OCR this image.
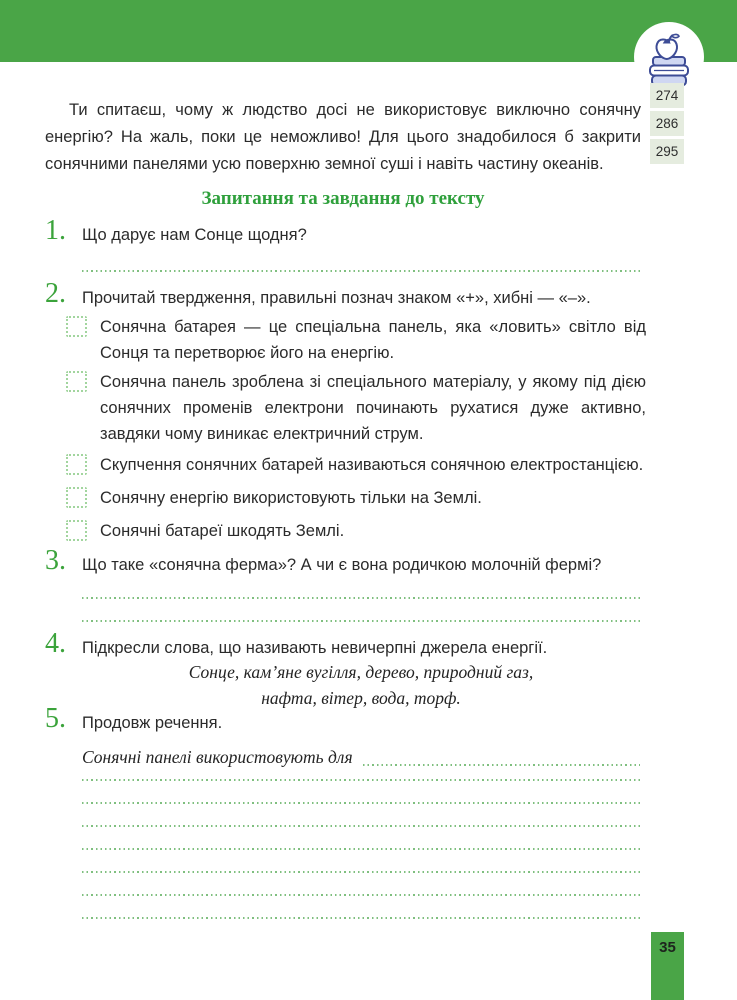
Ти спитаєш, чому ж людство досі не використовує виключно сонячну енергію? На жаль, поки це неможливо! Для цього знадобилося б закрити сонячними панелями усю поверхню земної суші і навіть частину океанів.

274
286
295
Запитання та завдання до тексту
1. Що дарує нам Сонце щодня?
2. Прочитай твердження, правильні познач знаком «+», хибні — «–».
Сонячна батарея — це спеціальна панель, яка «ловить» світло від Сонця та перетворює його на енергію.
Сонячна панель зроблена зі спеціального матеріалу, у якому під дією сонячних променів електрони починають рухатися дуже активно, завдяки чому виникає електричний струм.
Скупчення сонячних батарей називаються сонячною електростанцією.
Сонячну енергію використовують тільки на Землі.
Сонячні батареї шкодять Землі.
3. Що таке «сонячна ферма»? А чи є вона родичкою молочній фермі?
4. Підкресли слова, що називають невичерпні джерела енергії.
Сонце, кам’яне вугілля, дерево, природний газ,
нафта, вітер, вода, торф.
5. Продовж речення.
Сонячні панелі використовують для
35
